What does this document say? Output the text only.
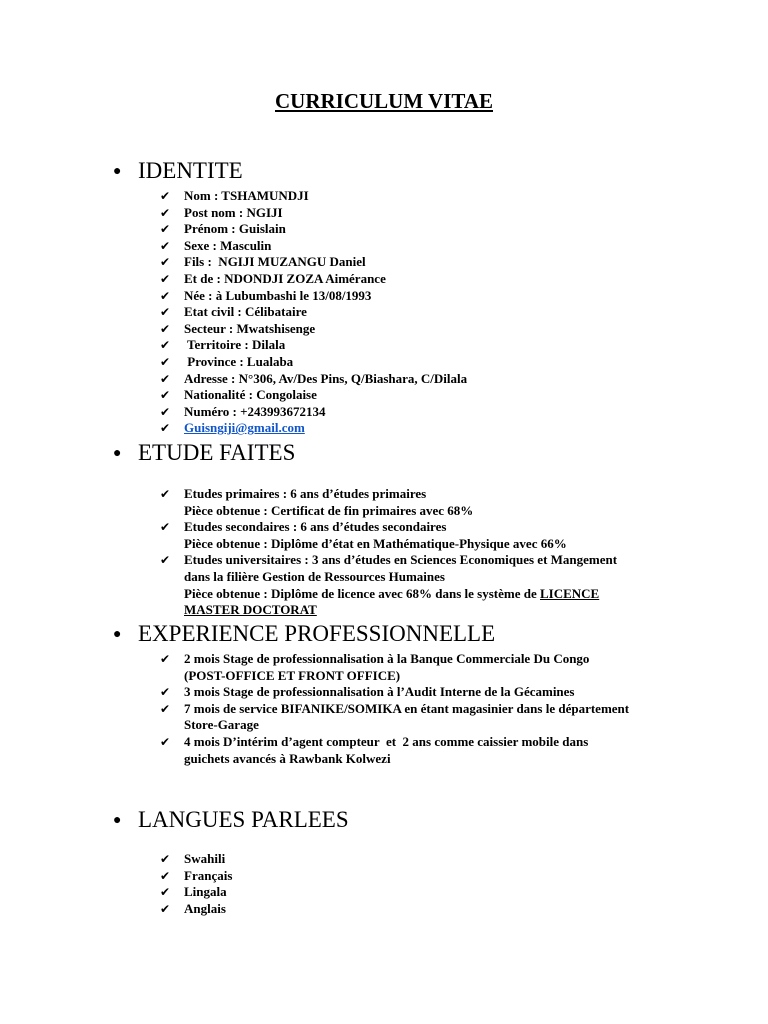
CURRICULUM VITAE
● IDENTITE
✔ Nom : TSHAMUNDJI
✔ Post nom : NGIJI
✔ Prénom : Guislain
✔ Sexe : Masculin
✔ Fils :  NGIJI MUZANGU Daniel
✔ Et de : NDONDJI ZOZA Aimérance
✔ Née : à Lubumbashi le 13/08/1993
✔ Etat civil : Célibataire
✔ Secteur : Mwatshisenge
✔ Territoire : Dilala
✔ Province : Lualaba
✔ Adresse : N°306, Av/Des Pins, Q/Biashara, C/Dilala
✔ Nationalité : Congolaise
✔ Numéro : +243993672134
✔ Guisngiji@gmail.com
● ETUDE FAITES
✔ Etudes primaires : 6 ans d’études primaires
Pièce obtenue : Certificat de fin primaires avec 68%
✔ Etudes secondaires : 6 ans d’études secondaires
Pièce obtenue : Diplôme d’état en Mathématique-Physique avec 66%
✔ Etudes universitaires : 3 ans d’études en Sciences Economiques et Mangement
dans la filière Gestion de Ressources Humaines
Pièce obtenue : Diplôme de licence avec 68% dans le système de LICENCE
MASTER DOCTORAT
● EXPERIENCE PROFESSIONNELLE
✔ 2 mois Stage de professionnalisation à la Banque Commerciale Du Congo
(POST-OFFICE ET FRONT OFFICE)
✔ 3 mois Stage de professionnalisation à l’Audit Interne de la Gécamines
✔ 7 mois de service BIFANIKE/SOMIKA en étant magasinier dans le département
Store-Garage
✔ 4 mois D’intérim d’agent compteur  et  2 ans comme caissier mobile dans
guichets avancés à Rawbank Kolwezi
● LANGUES PARLEES
✔ Swahili
✔ Français
✔ Lingala
✔ Anglais
